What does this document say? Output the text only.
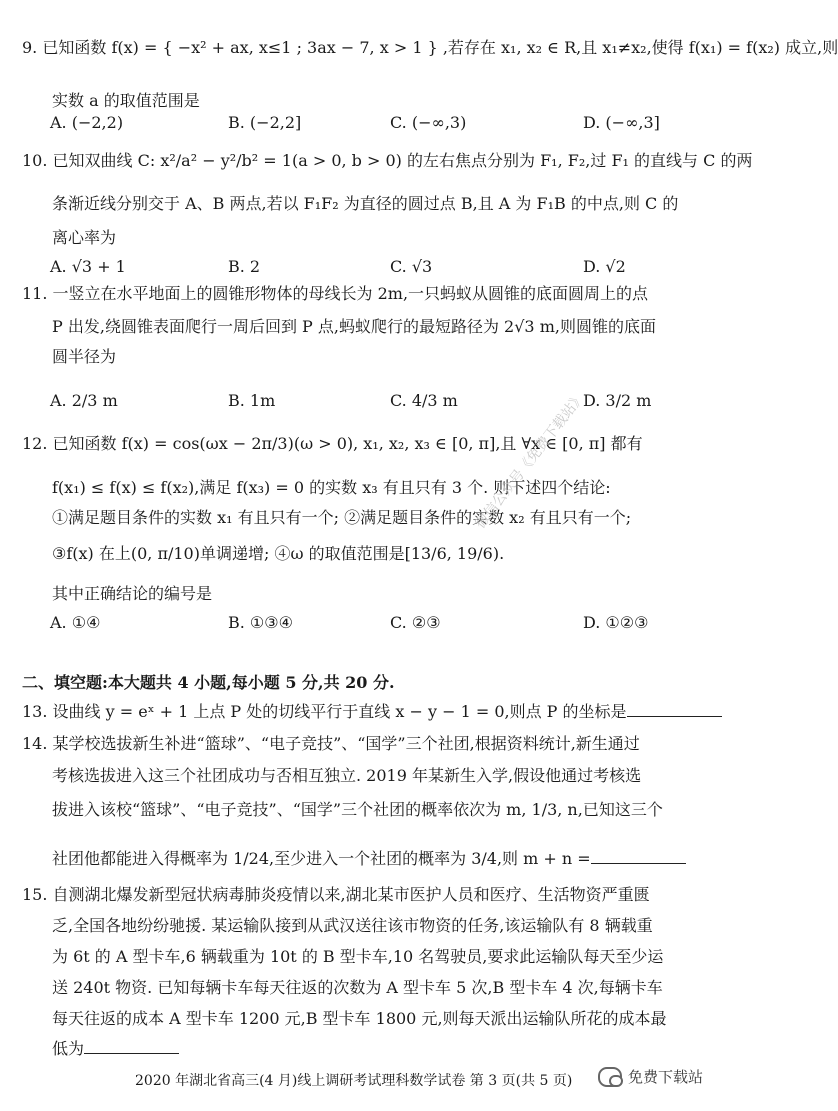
9. 已知函数 f(x) = { −x² + ax, x≤1 ; 3ax − 7, x > 1 } ,若存在 x₁, x₂ ∈ R,且 x₁≠x₂,使得 f(x₁) = f(x₂) 成立,则
实数 a 的取值范围是
10. 已知双曲线 C: x²/a² − y²/b² = 1(a > 0, b > 0) 的左右焦点分别为 F₁, F₂,过 F₁ 的直线与 C 的两
条渐近线分别交于 A、B 两点,若以 F₁F₂ 为直径的圆过点 B,且 A 为 F₁B 的中点,则 C 的
离心率为
11. 一竖立在水平地面上的圆锥形物体的母线长为 2m,一只蚂蚁从圆锥的底面圆周上的点
P 出发,绕圆锥表面爬行一周后回到 P 点,蚂蚁爬行的最短路径为 2√3 m,则圆锥的底面
圆半径为
12. 已知函数 f(x) = cos(ωx − 2π/3)(ω > 0), x₁, x₂, x₃ ∈ [0, π],且 ∀x ∈ [0, π] 都有
f(x₁) ≤ f(x) ≤ f(x₂),满足 f(x₃) = 0 的实数 x₃ 有且只有 3 个. 则下述四个结论:
①满足题目条件的实数 x₁ 有且只有一个; ②满足题目条件的实数 x₂ 有且只有一个;
③f(x) 在上(0, π/10)单调递增; ④ω 的取值范围是[13/6, 19/6).
其中正确结论的编号是
二、填空题:本大题共 4 小题,每小题 5 分,共 20 分.
13. 设曲线 y = eˣ + 1 上点 P 处的切线平行于直线 x − y − 1 = 0,则点 P 的坐标是
14. 某学校选拔新生补进“篮球”、“电子竞技”、“国学”三个社团,根据资料统计,新生通过
考核选拔进入这三个社团成功与否相互独立. 2019 年某新生入学,假设他通过考核选
拔进入该校“篮球”、“电子竞技”、“国学”三个社团的概率依次为 m, 1/3, n,已知这三个
社团他都能进入得概率为 1/24,至少进入一个社团的概率为 3/4,则 m + n =
15. 自测湖北爆发新型冠状病毒肺炎疫情以来,湖北某市医护人员和医疗、生活物资严重匮
乏,全国各地纷纷驰援. 某运输队接到从武汉送往该市物资的任务,该运输队有 8 辆载重
为 6t 的 A 型卡车,6 辆载重为 10t 的 B 型卡车,10 名驾驶员,要求此运输队每天至少运
送 240t 物资. 已知每辆卡车每天往返的次数为 A 型卡车 5 次,B 型卡车 4 次,每辆卡车
每天往返的成本 A 型卡车 1200 元,B 型卡车 1800 元,则每天派出运输队所花的成本最
低为
A. (−2,2)	B. (−2,2]	C. (−∞,3)	D. (−∞,3]
A. √3 + 1	B. 2	C. √3	D. √2
A. 2/3 m	B. 1m	C. 4/3 m	D. 3/2 m
A. ①④	B. ①③④	C. ②③	D. ①②③
微信公众号《免费下载站》
2020 年湖北省高三(4 月)线上调研考试理科数学试卷 第 3 页(共 5 页)	免费下载站
